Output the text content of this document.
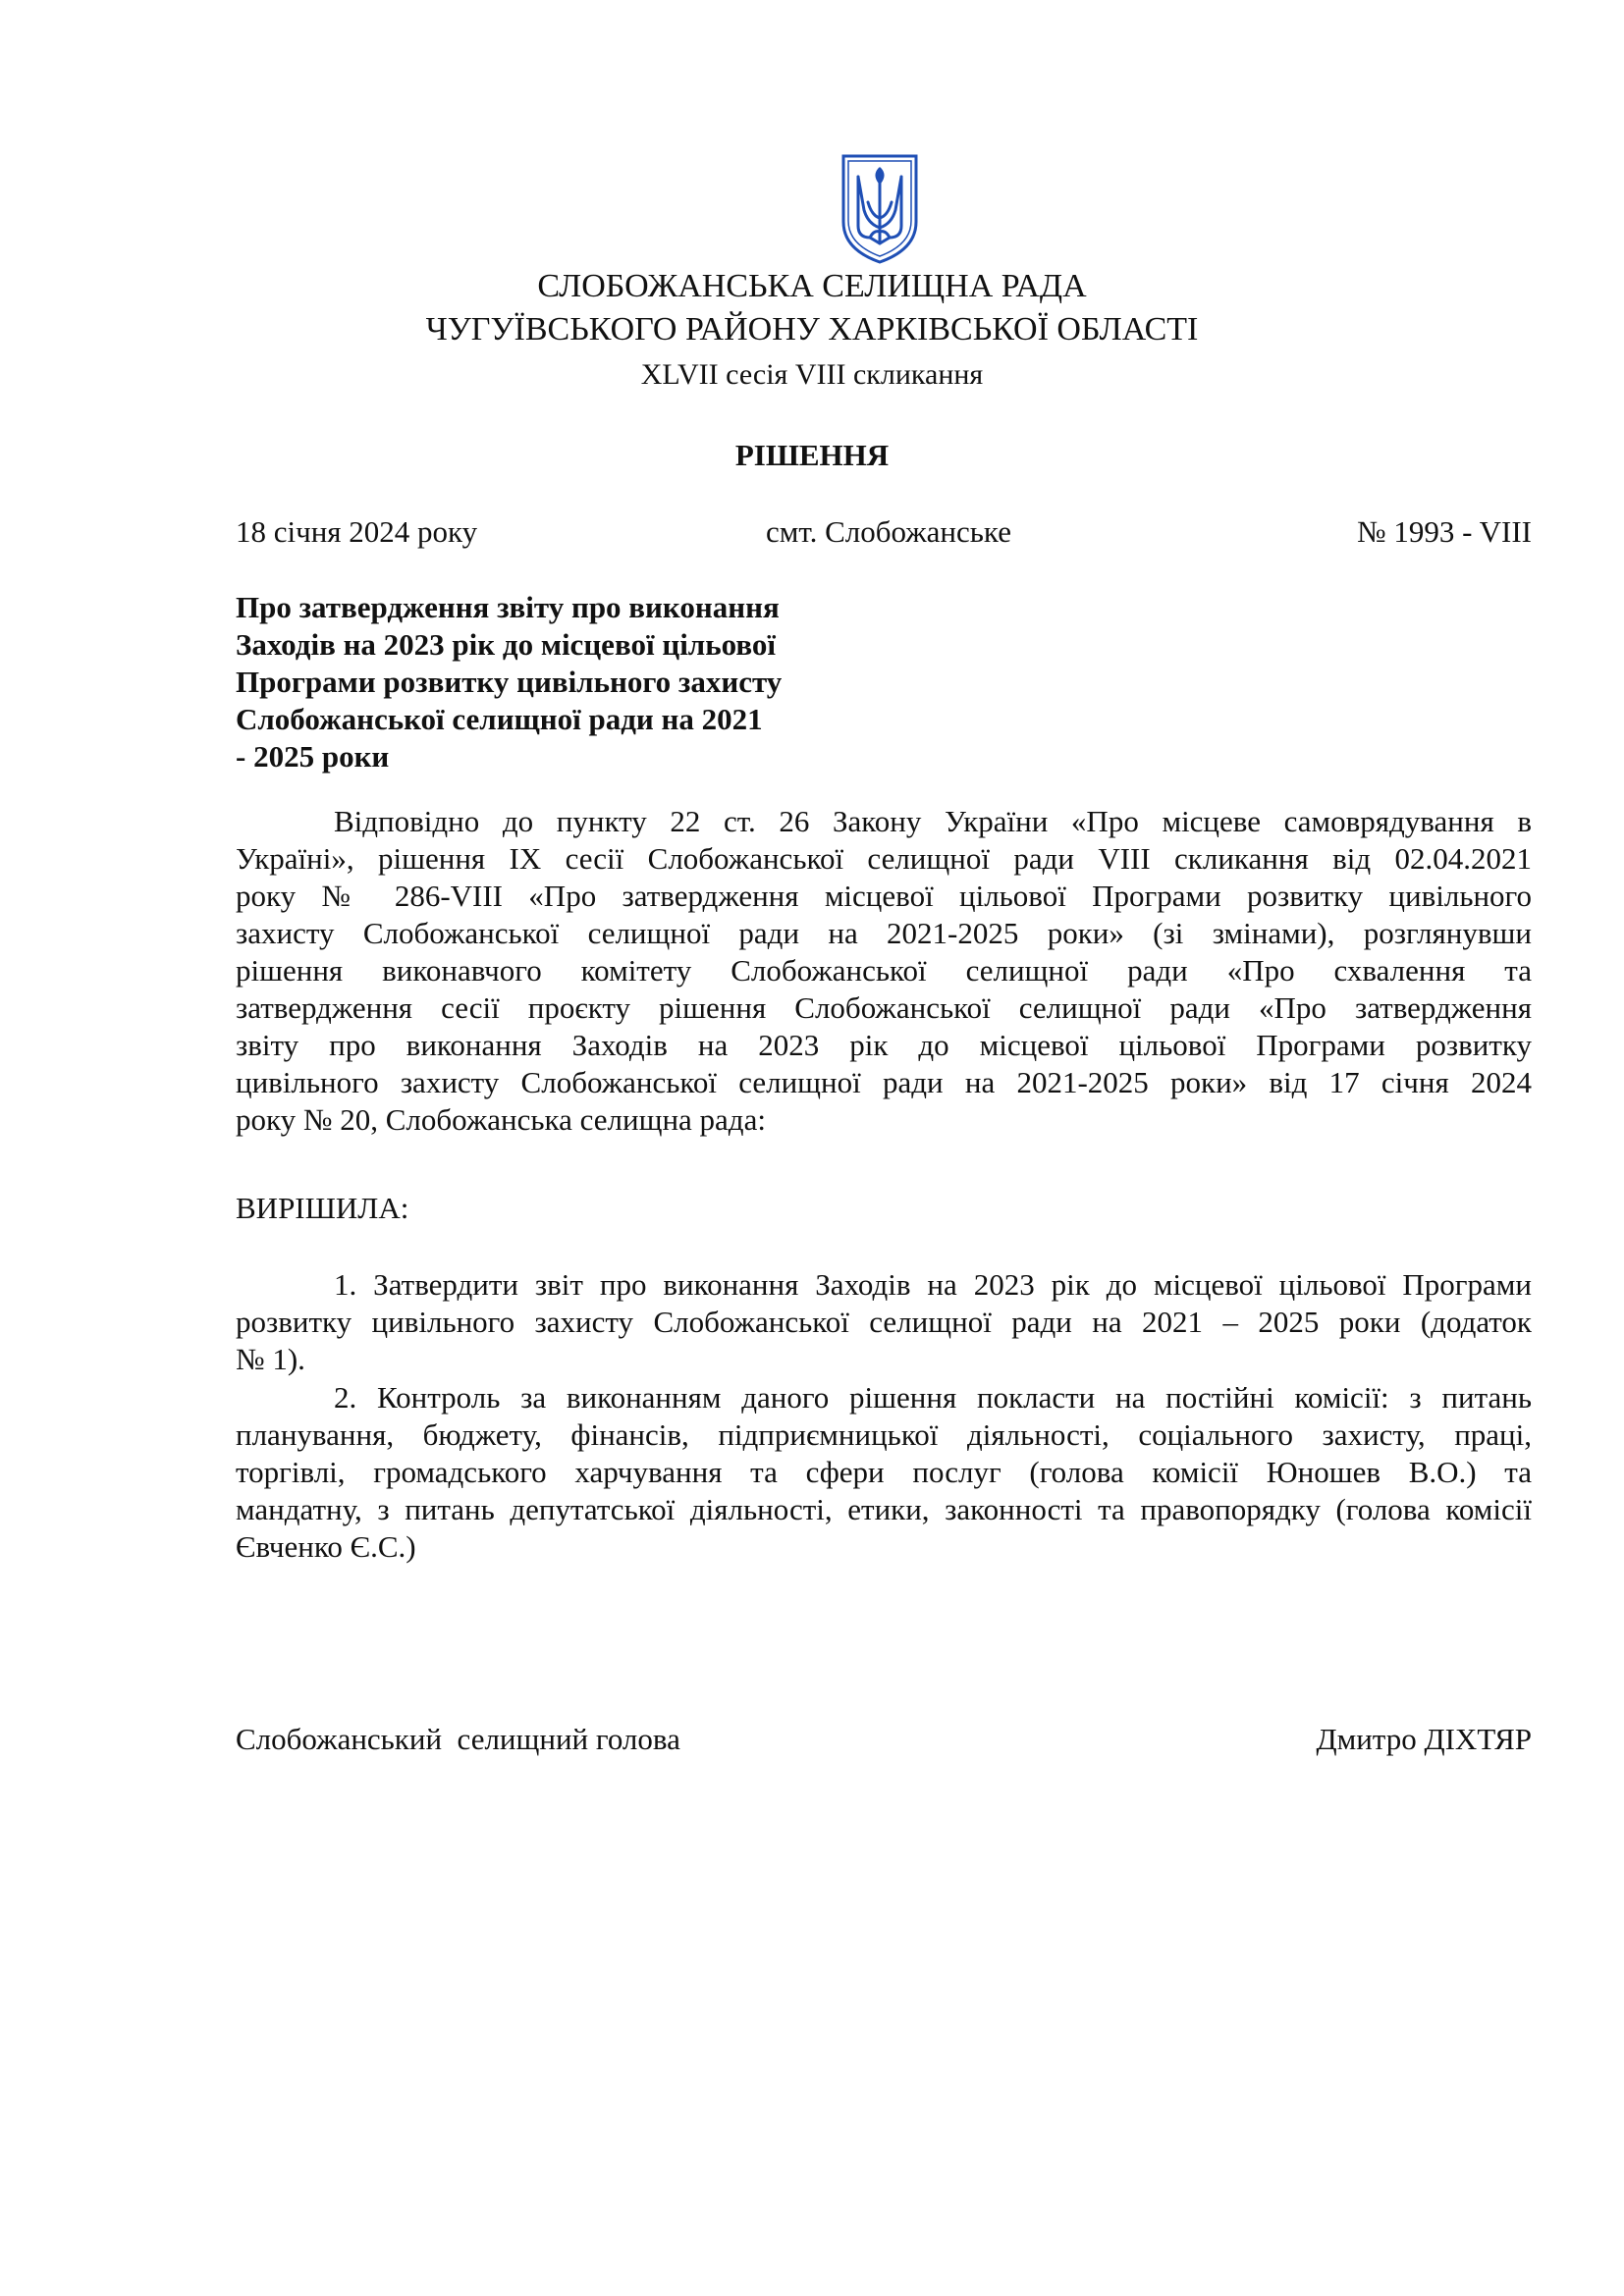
СЛОБОЖАНСЬКА СЕЛИЩНА РАДА

ЧУГУЇВСЬКОГО РАЙОНУ ХАРКІВСЬКОЇ ОБЛАСТІ

XLVII сесія VIII скликання

РІШЕННЯ

18 січня 2024 року	смт. Слобожанське	№ 1993 - VIII
Про затвердження звіту про виконання
Заходів на 2023 рік до місцевої цільової
Програми розвитку цивільного захисту
Слобожанської селищної ради на 2021
- 2025 роки
Відповідно до пункту 22 ст. 26 Закону України «Про місцеве самоврядування в
Україні», рішення ІХ сесії Слобожанської селищної ради VIII скликання від 02.04.2021
року № 286-VIII «Про затвердження місцевої цільової Програми розвитку цивільного
захисту Слобожанської селищної ради на 2021-2025 роки» (зі змінами), розглянувши
рішення виконавчого комітету Слобожанської селищної ради «Про схвалення та
затвердження сесії проєкту рішення Слобожанської селищної ради «Про затвердження
звіту про виконання Заходів на 2023 рік до місцевої цільової Програми розвитку
цивільного захисту Слобожанської селищної ради на 2021-2025 роки» від 17 січня 2024
року № 20, Слобожанська селищна рада:
ВИРІШИЛА:
1. Затвердити звіт про виконання Заходів на 2023 рік до місцевої цільової Програми
розвитку цивільного захисту Слобожанської селищної ради на 2021 – 2025 роки (додаток
№ 1).
2. Контроль за виконанням даного рішення покласти на постійні комісії: з питань
планування, бюджету, фінансів, підприємницької діяльності, соціального захисту, праці,
торгівлі, громадського харчування та сфери послуг (голова комісії Юношев В.О.) та
мандатну, з питань депутатської діяльності, етики, законності та правопорядку (голова комісії
Євченко Є.С.)
Слобожанський  селищний голова	Дмитро ДІХТЯР
